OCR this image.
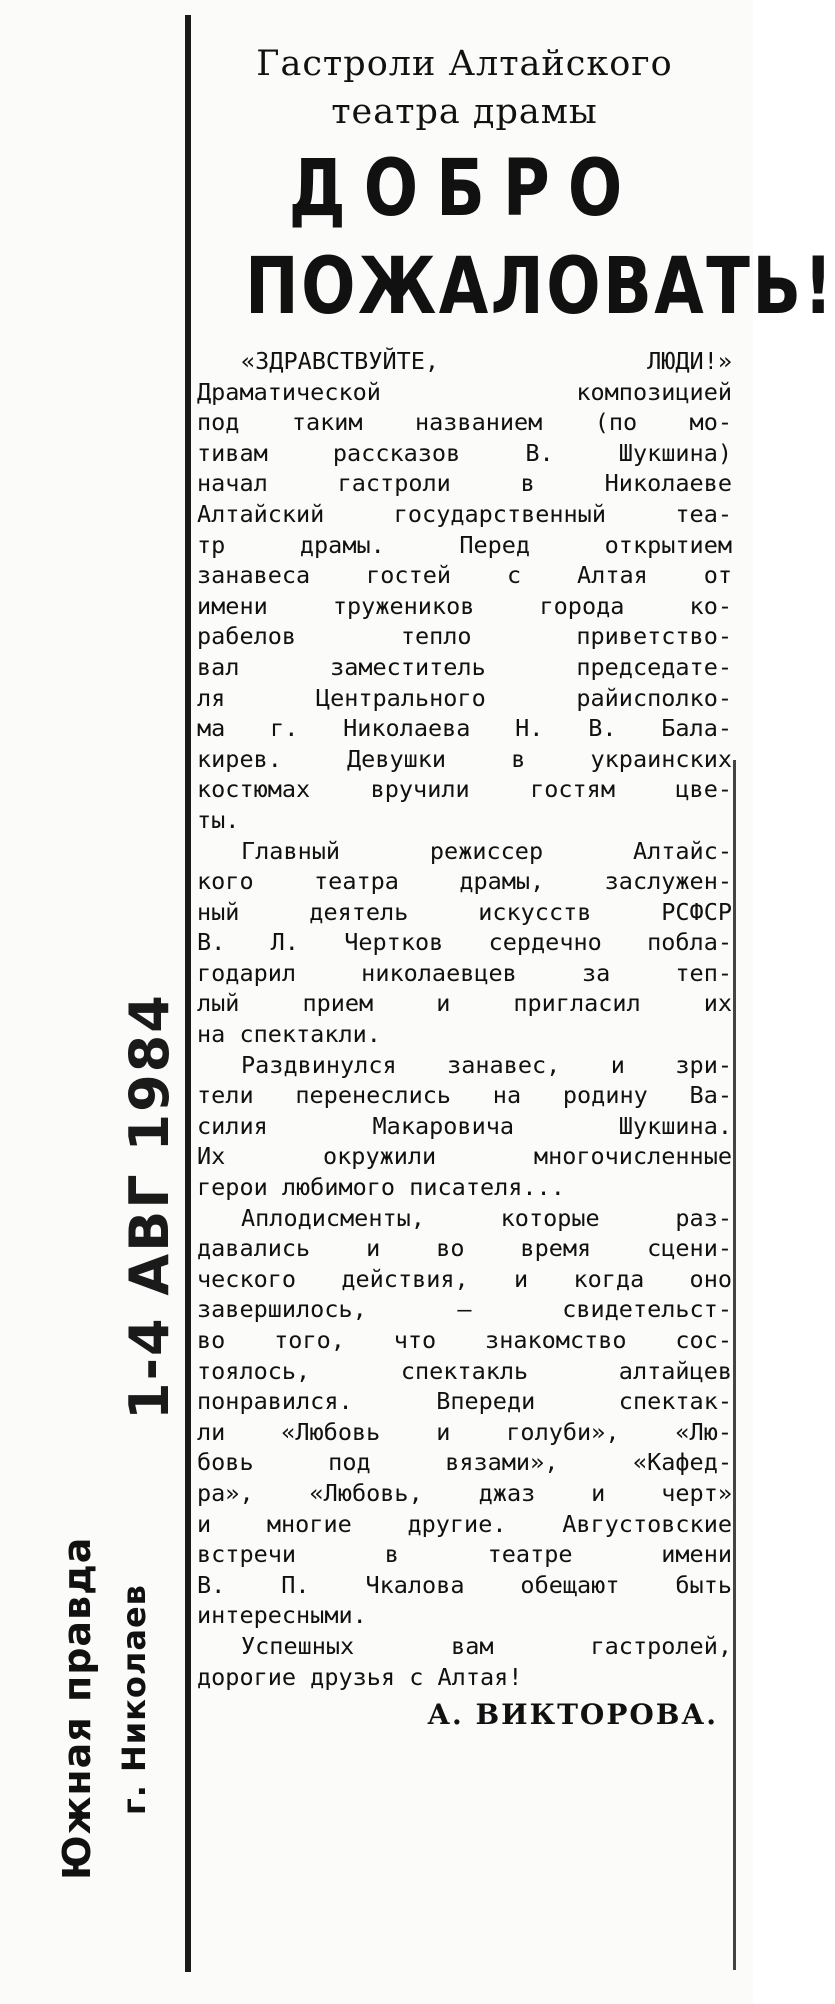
1-4 АВГ 1984
Южная правда г. Николаев
Гастроли Алтайского
театра драмы
ДОБРО
ПОЖАЛОВАТЬ!

«ЗДРАВСТВУЙТЕ, ЛЮДИ!»
Драматической композицией
под таким названием (по мо-
тивам рассказов В. Шукшина)
начал гастроли в Николаеве
Алтайский государственный теа-
тр драмы. Перед открытием
занавеса гостей с Алтая от
имени тружеников города ко-
рабелов тепло приветство-
вал заместитель председате-
ля Центрального райисполко-
ма г. Николаева Н. В. Бала-
кирев. Девушки в украинских
костюмах вручили гостям цве-
ты.

Главный режиссер Алтайс-
кого театра драмы, заслужен-
ный деятель искусств РСФСР
В. Л. Чертков сердечно побла-
годарил николаевцев за теп-
лый прием и пригласил их
на спектакли.

Раздвинулся занавес, и зри-
тели перенеслись на родину Ва-
силия Макаровича Шукшина.
Их окружили многочисленные
герои любимого писателя...

Аплодисменты, которые раз-
давались и во время сцени-
ческого действия, и когда оно
завершилось, — свидетельст-
во того, что знакомство сос-
тоялось, спектакль алтайцев
понравился. Впереди спектак-
ли «Любовь и голуби», «Лю-
бовь под вязами», «Кафед-
ра», «Любовь, джаз и черт»
и многие другие. Августовские
встречи в театре имени
В. П. Чкалова обещают быть
интересными.

Успешных вам гастролей,
дорогие друзья с Алтая!

А. ВИКТОРОВА.
